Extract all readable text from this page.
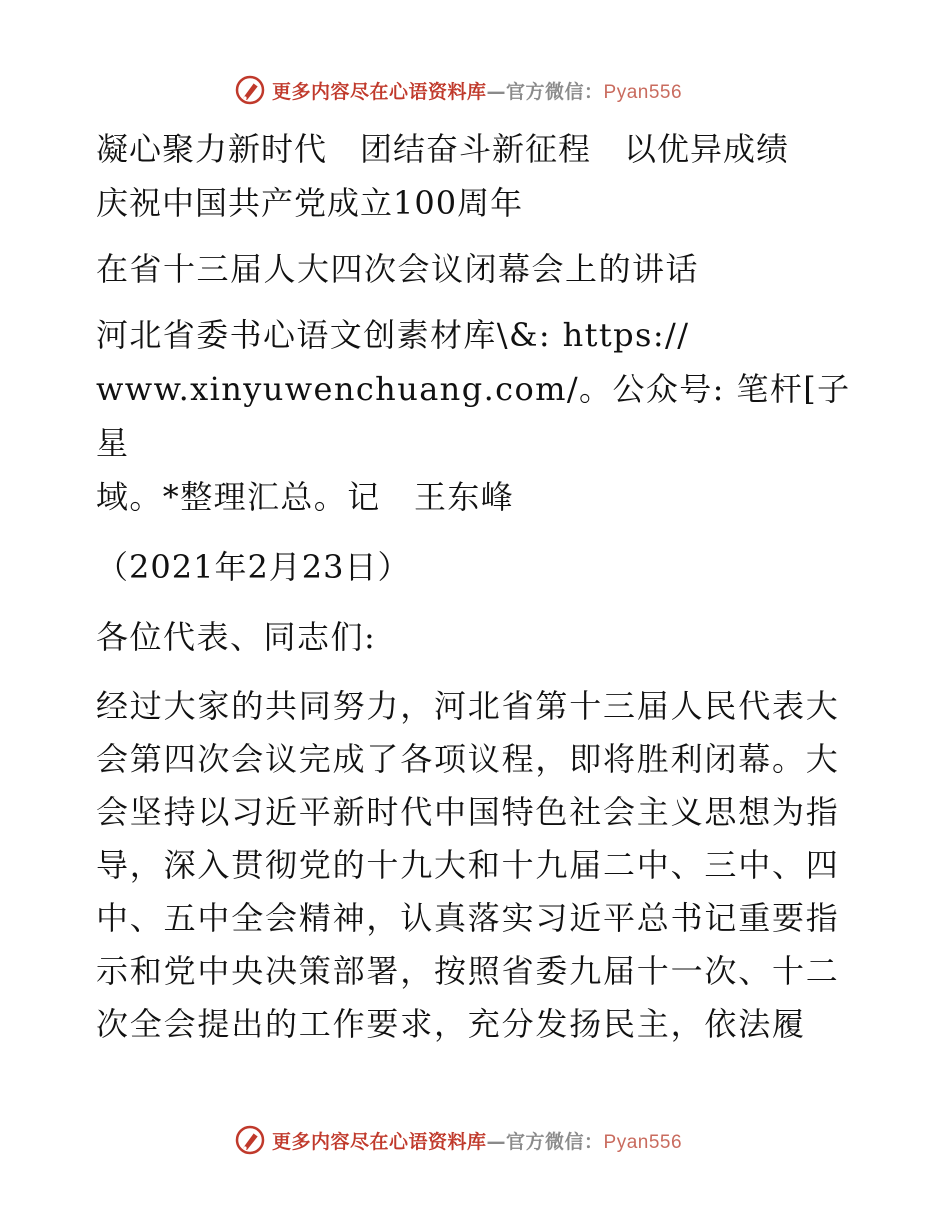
更多内容尽在心语资料库—官方微信：Pyan556

凝心聚力新时代　团结奋斗新征程　以优异成绩

庆祝中国共产党成立100周年

在省十三届人大四次会议闭幕会上的讲话

河北省委书心语文创素材库\&: https://

www.xinyuwenchuang.com/。公众号: 笔杆[子星

域。*整理汇总。记　王东峰

（2021年2月23日）

各位代表、同志们:

经过大家的共同努力，河北省第十三届人民代表大会第四次会议完成了各项议程，即将胜利闭幕。大会坚持以习近平新时代中国特色社会主义思想为指导，深入贯彻党的十九大和十九届二中、三中、四中、五中全会精神，认真落实习近平总书记重要指示和党中央决策部署，按照省委九届十一次、十二次全会提出的工作要求，充分发扬民主，依法履

更多内容尽在心语资料库—官方微信：Pyan556
